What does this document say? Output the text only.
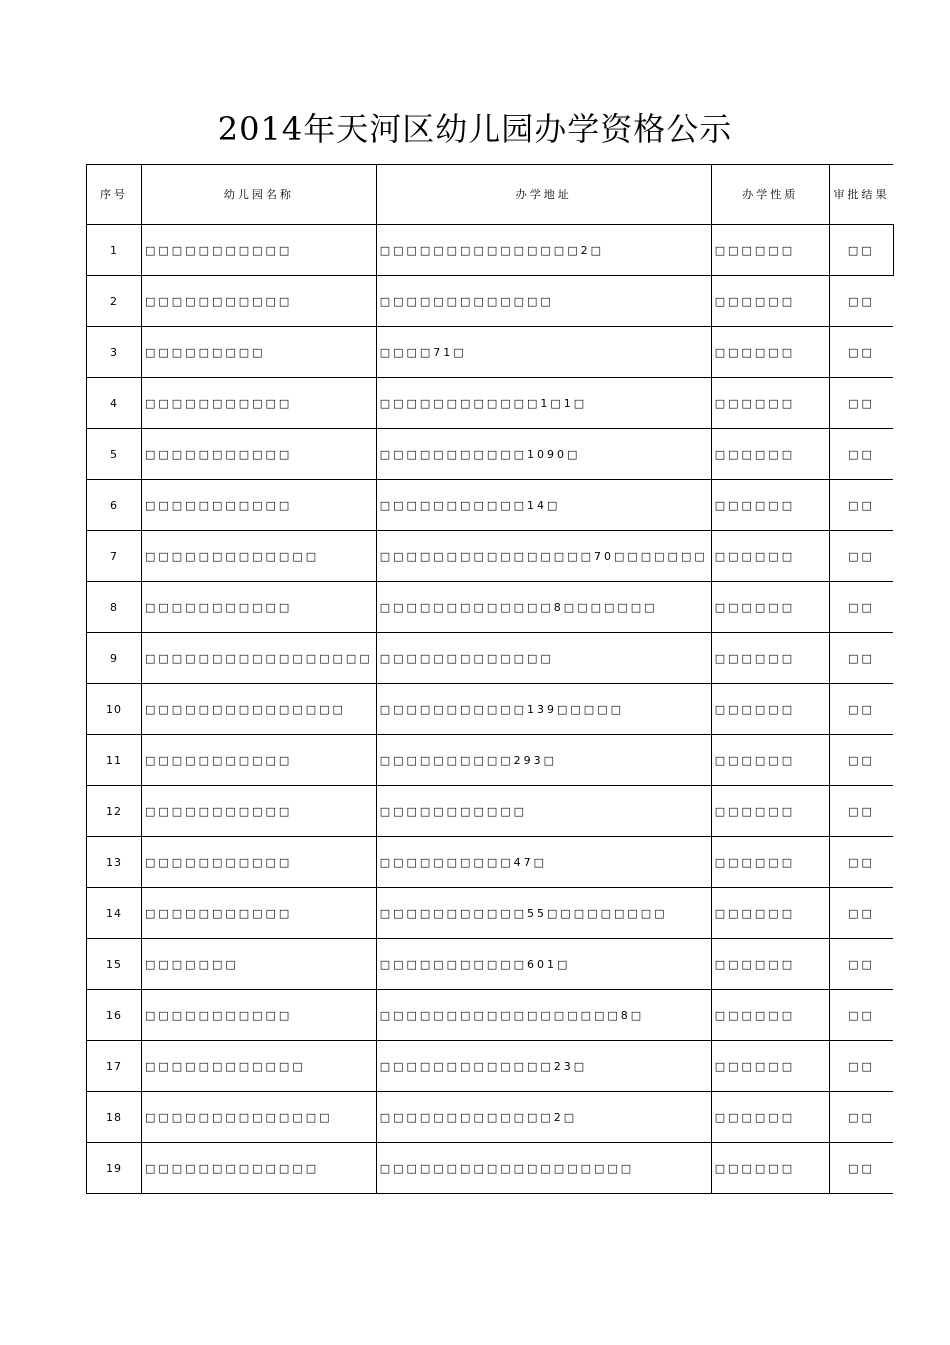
2014年天河区幼儿园办学资格公示
序号	幼儿园名称	办学地址	办学性质	审批结果
1	□□□□□□□□□□□	□□□□□□□□□□□□□□□2□	□□□□□□	□□
2	□□□□□□□□□□□	□□□□□□□□□□□□□	□□□□□□	□□
3	□□□□□□□□□	□□□□71□	□□□□□□	□□
4	□□□□□□□□□□□	□□□□□□□□□□□□1□1□	□□□□□□	□□
5	□□□□□□□□□□□	□□□□□□□□□□□1090□	□□□□□□	□□
6	□□□□□□□□□□□	□□□□□□□□□□□14□	□□□□□□	□□
7	□□□□□□□□□□□□□	□□□□□□□□□□□□□□□□70□□□□□□□	□□□□□□	□□
8	□□□□□□□□□□□	□□□□□□□□□□□□□8□□□□□□□	□□□□□□	□□
9	□□□□□□□□□□□□□□□□□	□□□□□□□□□□□□□	□□□□□□	□□
10	□□□□□□□□□□□□□□□	□□□□□□□□□□□139□□□□□	□□□□□□	□□
11	□□□□□□□□□□□	□□□□□□□□□□293□	□□□□□□	□□
12	□□□□□□□□□□□	□□□□□□□□□□□	□□□□□□	□□
13	□□□□□□□□□□□	□□□□□□□□□□47□	□□□□□□	□□
14	□□□□□□□□□□□	□□□□□□□□□□□55□□□□□□□□□	□□□□□□	□□
15	□□□□□□□	□□□□□□□□□□□601□	□□□□□□	□□
16	□□□□□□□□□□□	□□□□□□□□□□□□□□□□□□8□	□□□□□□	□□
17	□□□□□□□□□□□□	□□□□□□□□□□□□□23□	□□□□□□	□□
18	□□□□□□□□□□□□□□	□□□□□□□□□□□□□2□	□□□□□□	□□
19	□□□□□□□□□□□□□	□□□□□□□□□□□□□□□□□□□	□□□□□□	□□
